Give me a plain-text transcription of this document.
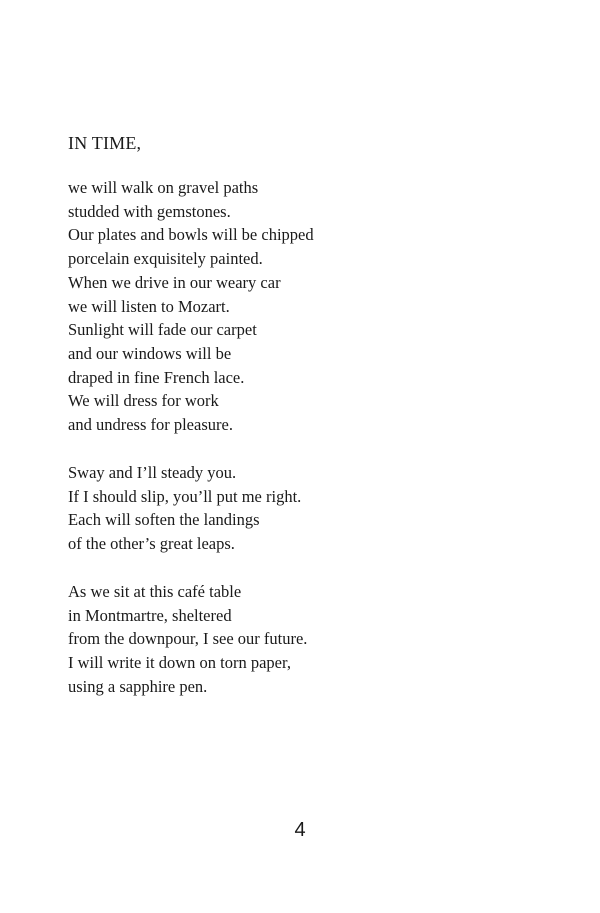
IN TIME,
we will walk on gravel paths
studded with gemstones.
Our plates and bowls will be chipped
porcelain exquisitely painted.
When we drive in our weary car
we will listen to Mozart.
Sunlight will fade our carpet
and our windows will be
draped in fine French lace.
We will dress for work
and undress for pleasure.
Sway and I’ll steady you.
If I should slip, you’ll put me right.
Each will soften the landings
of the other’s great leaps.
As we sit at this café table
in Montmartre, sheltered
from the downpour, I see our future.
I will write it down on torn paper,
using a sapphire pen.
4
